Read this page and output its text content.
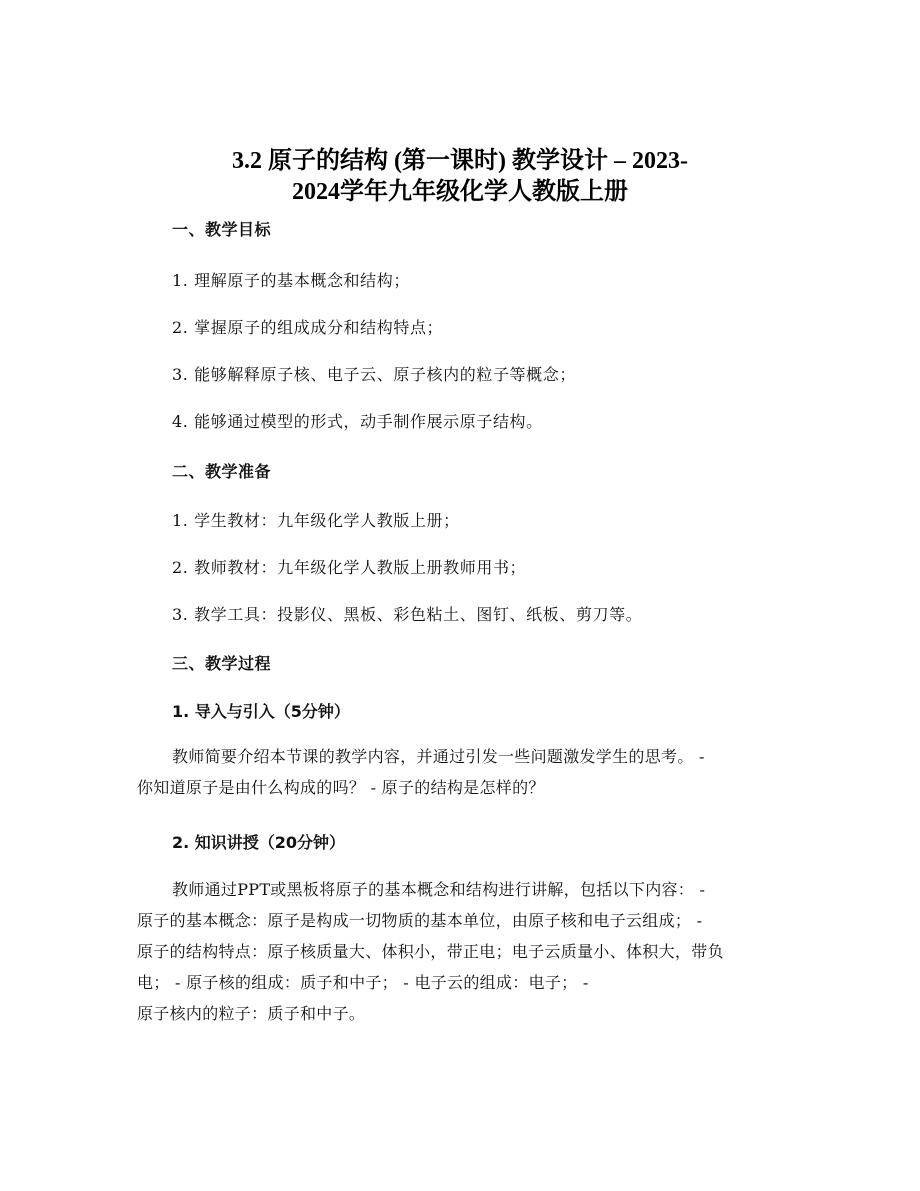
3.2 原子的结构 (第一课时) 教学设计 – 2023-
2024学年九年级化学人教版上册
一、教学目标
1. 理解原子的基本概念和结构；
2. 掌握原子的组成成分和结构特点；
3. 能够解释原子核、电子云、原子核内的粒子等概念；
4. 能够通过模型的形式，动手制作展示原子结构。
二、教学准备
1. 学生教材：九年级化学人教版上册；
2. 教师教材：九年级化学人教版上册教师用书；
3. 教学工具：投影仪、黑板、彩色粘土、图钉、纸板、剪刀等。
三、教学过程
1. 导入与引入（5分钟）
教师简要介绍本节课的教学内容，并通过引发一些问题激发学生的思考。 -
你知道原子是由什么构成的吗？ - 原子的结构是怎样的？
2. 知识讲授（20分钟）
教师通过PPT或黑板将原子的基本概念和结构进行讲解，包括以下内容： -
原子的基本概念：原子是构成一切物质的基本单位，由原子核和电子云组成； -
原子的结构特点：原子核质量大、体积小，带正电；电子云质量小、体积大，带负
电； - 原子核的组成：质子和中子； - 电子云的组成：电子； -
原子核内的粒子：质子和中子。
